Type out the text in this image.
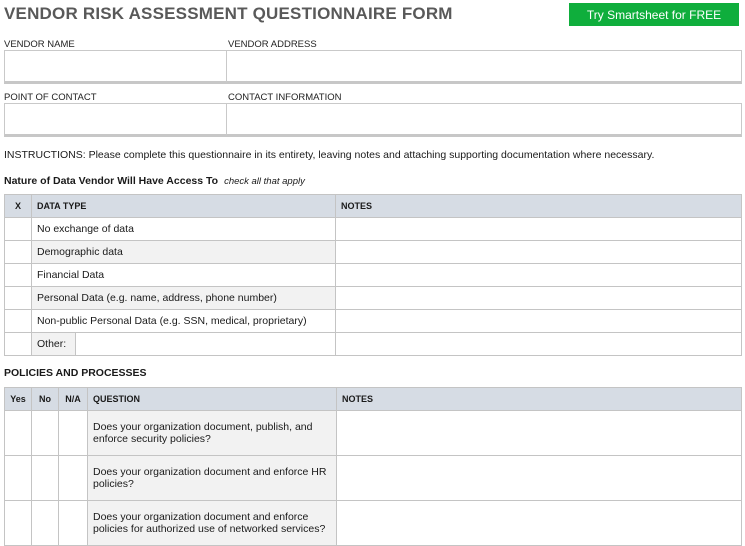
VENDOR RISK ASSESSMENT QUESTIONNAIRE FORM	Try Smartsheet for FREE
VENDOR NAME	VENDOR ADDRESS
POINT OF CONTACT	CONTACT INFORMATION
INSTRUCTIONS: Please complete this questionnaire in its entirety, leaving notes and attaching supporting documentation where necessary.
Nature of Data Vendor Will Have Access To check all that apply
X	DATA TYPE		NOTES
	No exchange of data		
	Demographic data		
	Financial Data		
	Personal Data (e.g. name, address, phone number)		
	Non-public Personal Data (e.g. SSN, medical, proprietary)		
	Other:		
POLICIES AND PROCESSES
Yes	No	N/A	QUESTION	NOTES
			Does your organization document, publish, and enforce security policies?	
			Does your organization document and enforce HR policies?	
			Does your organization document and enforce policies for authorized use of networked services?	
